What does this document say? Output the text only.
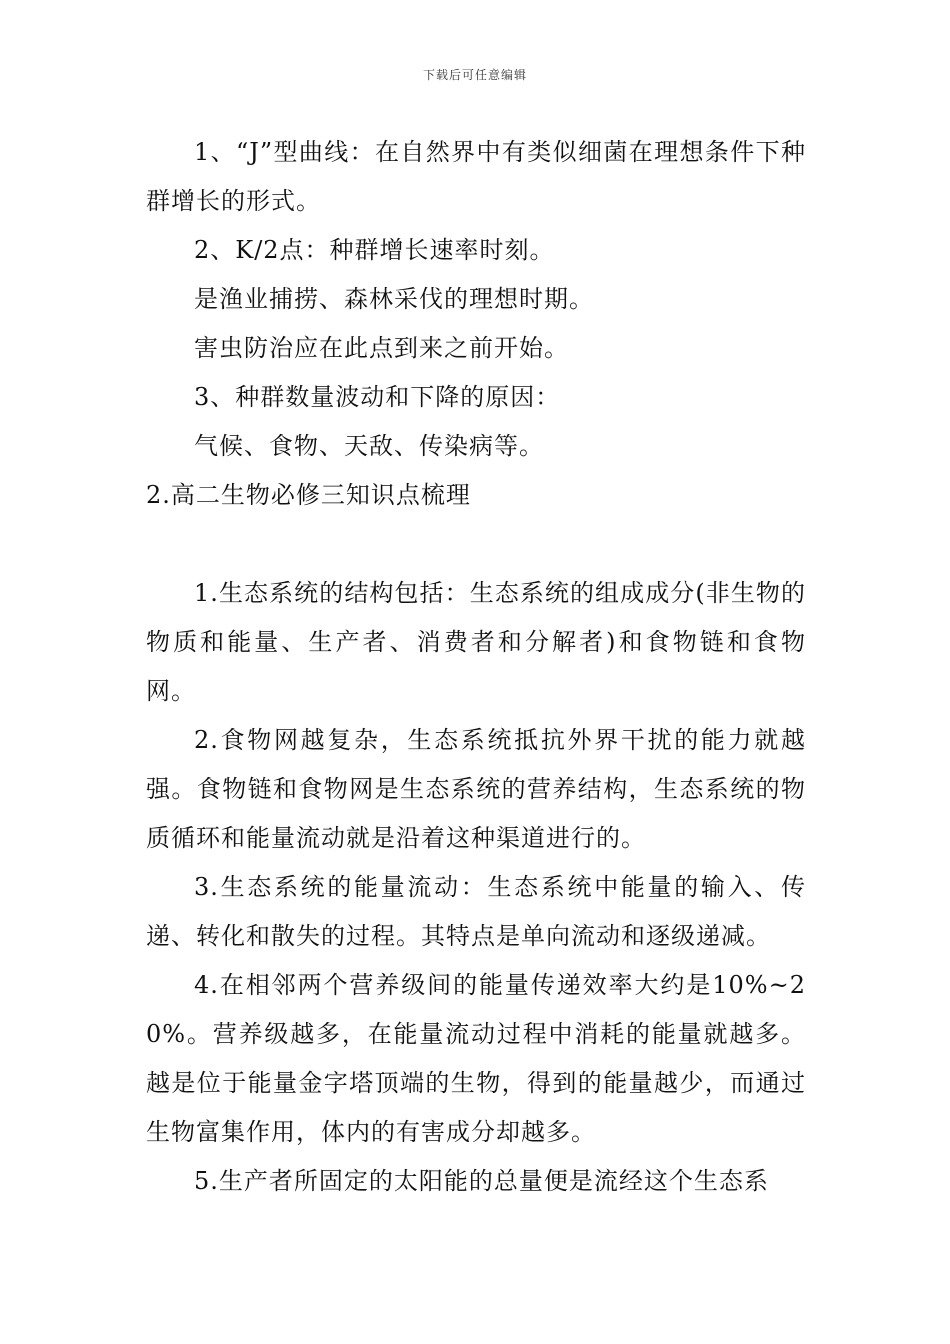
下载后可任意编辑

1、“J”型曲线：在自然界中有类似细菌在理想条件下种群增长的形式。

2、K/2点：种群增长速率时刻。

是渔业捕捞、森林采伐的理想时期。

害虫防治应在此点到来之前开始。

3、种群数量波动和下降的原因：

气候、食物、天敌、传染病等。

2.高二生物必修三知识点梳理

1.生态系统的结构包括：生态系统的组成成分(非生物的物质和能量、生产者、消费者和分解者)和食物链和食物网。

2.食物网越复杂，生态系统抵抗外界干扰的能力就越强。食物链和食物网是生态系统的营养结构，生态系统的物质循环和能量流动就是沿着这种渠道进行的。

3.生态系统的能量流动：生态系统中能量的输入、传递、转化和散失的过程。其特点是单向流动和逐级递减。

4.在相邻两个营养级间的能量传递效率大约是10%~20%。营养级越多，在能量流动过程中消耗的能量就越多。越是位于能量金字塔顶端的生物，得到的能量越少，而通过生物富集作用，体内的有害成分却越多。

5.生产者所固定的太阳能的总量便是流经这个生态系
